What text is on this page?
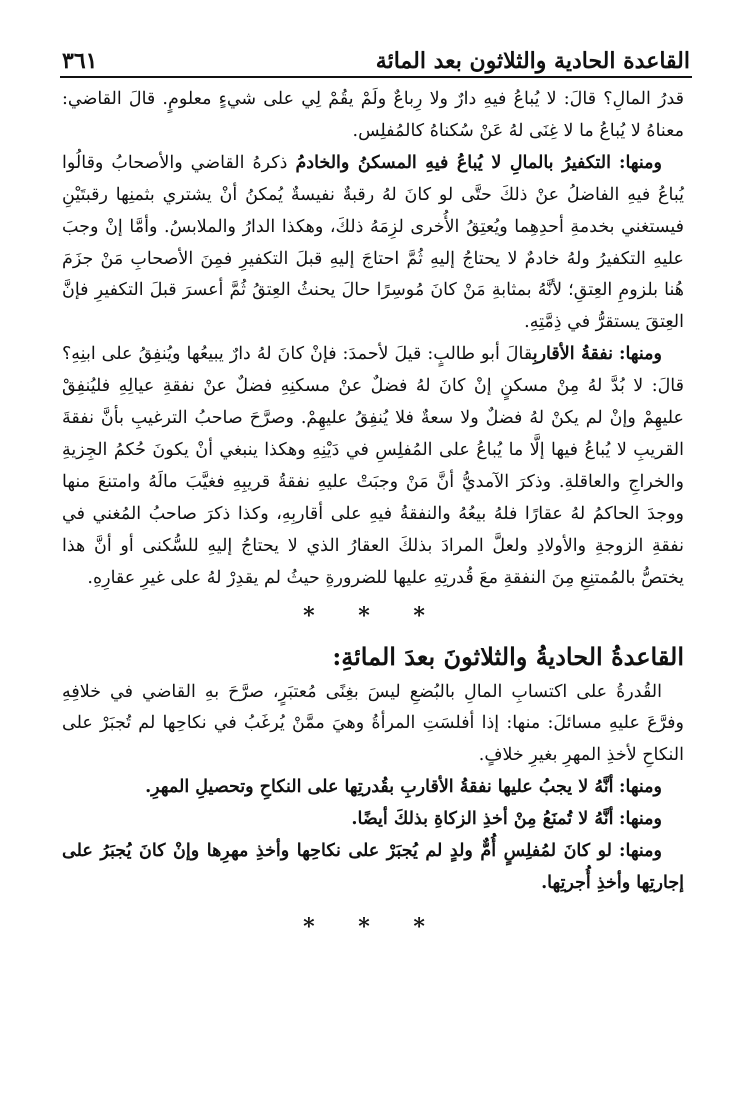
القاعدة الحادية والثلاثون بعد المائة
٣٦١

قدرُ المالِ؟ قالَ: لا يُباعُ فيهِ دارٌ ولا رِباعٌ ولَمْ يقُمْ لِي على شيءٍ معلومٍ. قالَ القاضي: معناهُ لا يُباعُ ما لا غِنَى لهُ عَنْ سُكناهُ كالمُفلِس.

ومنها: التكفيرُ بالمالِ لا يُباعُ فيهِ المسكنُ والخادمُ ذكرهُ القاضي والأصحابُ وقالُوا يُباعُ فيهِ الفاضلُ عنْ ذلكَ حتَّى لو كانَ لهُ رقبةٌ نفيسةٌ يُمكنُ أنْ يشتري بثمنِها رقبتَيْنِ فيستغني بخدمةِ أحدِهِما ويُعتِقُ الأُخرى لزِمَهُ ذلكَ، وهكذا الدارُ والملابسُ. وأمَّا إنْ وجبَ عليهِ التكفيرُ ولهُ خادمٌ لا يحتاجُ إليهِ ثُمَّ احتاجَ إليهِ قبلَ التكفيرِ فمِنَ الأصحابِ مَنْ جزَمَ هُنا بلزومِ العِتقِ؛ لأنَّهُ بمثابةِ مَنْ كانَ مُوسِرًا حالَ يحنثُ العِتقُ ثُمَّ أعسرَ قبلَ التكفيرِ فإنَّ العِتقَ يستقرُّ في ذِمَّتِهِ.

ومنها: نفقةُ الأقاربِقالَ أبو طالبٍ: قيلَ لأحمدَ: فإنْ كانَ لهُ دارٌ يبيعُها ويُنفِقُ على ابنِهِ؟ قالَ: لا بُدَّ لهُ مِنْ مسكنٍ إنْ كانَ لهُ فضلٌ عنْ مسكنِهِ فضلٌ عنْ نفقةِ عيالِهِ فليُنفِقْ عليهِمْ وإنْ لم يكنْ لهُ فضلٌ ولا سعةٌ فلا يُنفِقُ عليهِمْ. وصرَّحَ صاحبُ الترغيبِ بأنَّ نفقةَ القريبِ لا يُباعُ فيها إلَّا ما يُباعُ على المُفلِسِ في دَيْنِهِ وهكذا ينبغي أنْ يكونَ حُكمُ الجِزيةِ والخراجِ والعاقلةِ. وذكرَ الآمديُّ أنَّ مَنْ وجبَتْ عليهِ نفقةُ قريبِهِ فغيَّبَ مالَهُ وامتنعَ منها ووجدَ الحاكمُ لهُ عقارًا فلهُ بيعُهُ والنفقةُ فيهِ على أقاربِهِ، وكذا ذكرَ صاحبُ المُغني في نفقةِ الزوجةِ والأولادِ ولعلَّ المرادَ بذلكَ العقارُ الذي لا يحتاجُ إليهِ للسُّكنى أو أنَّ هذا يختصُّ بالمُمتنِعِ مِنَ النفقةِ معَ قُدرتِهِ عليها للضرورةِ حيثُ لم يقدِرْ لهُ على غيرِ عقارِهِ.

* * *
القاعدةُ الحاديةُ والثلاثونَ بعدَ المائةِ:

القُدرةُ على اكتسابِ المالِ بالبُضعِ ليسَ بغِنًى مُعتبَرٍ، صرَّحَ بهِ القاضي في خلافِهِ وفرَّعَ عليهِ مسائلَ: منها: إذا أفلسَتِ المرأةُ وهيَ ممَّنْ يُرغَبُ في نكاحِها لم تُجبَرْ على النكاحِ لأخذِ المهرِ بغيرِ خلافٍ.

ومنها: أنَّهُ لا يجبُ عليها نفقةُ الأقاربِ بقُدرتِها على النكاحِ وتحصيلِ المهرِ.

ومنها: أنَّهُ لا تُمنَعُ مِنْ أخذِ الزكاةِ بذلكَ أيضًا.

ومنها: لو كانَ لمُفلِسٍ أُمٌّ ولدٍ لم يُجبَرْ على نكاحِها وأخذِ مهرِها وإنْ كانَ يُجبَرُ على إجارتِها وأخذِ أُجرتِها.

* * *
